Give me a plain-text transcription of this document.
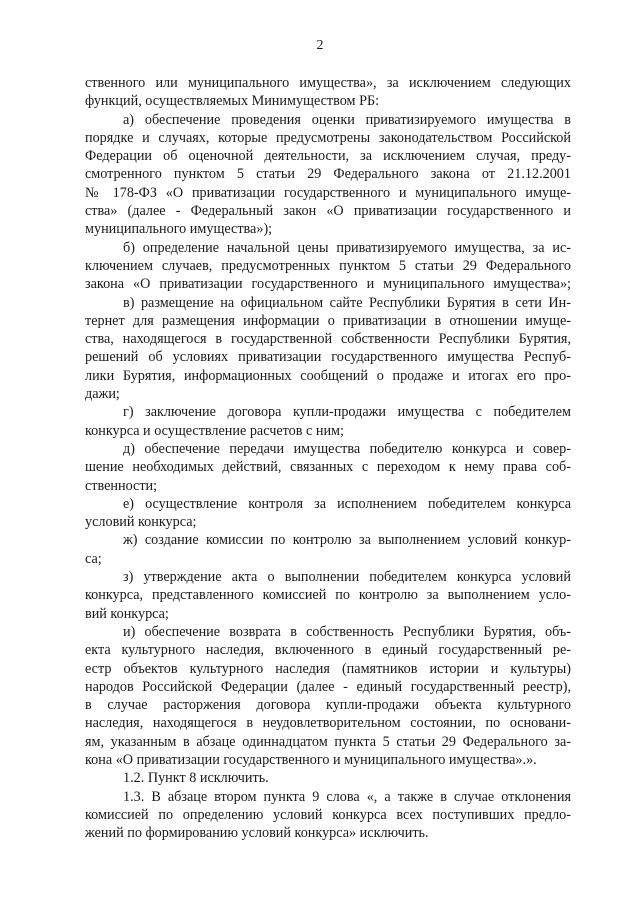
2
ственного или муниципального имущества», за исключением следующих
функций, осуществляемых Минимуществом РБ:
а) обеспечение проведения оценки приватизируемого имущества в
порядке и случаях, которые предусмотрены законодательством Российской
Федерации об оценочной деятельности, за исключением случая, преду-
смотренного пунктом 5 статьи 29 Федерального закона от 21.12.2001
№ 178-ФЗ «О приватизации государственного и муниципального имуще-
ства» (далее - Федеральный закон «О приватизации государственного и
муниципального имущества»);
б) определение начальной цены приватизируемого имущества, за ис-
ключением случаев, предусмотренных пунктом 5 статьи 29 Федерального
закона «О приватизации государственного и муниципального имущества»;
в) размещение на официальном сайте Республики Бурятия в сети Ин-
тернет для размещения информации о приватизации в отношении имуще-
ства, находящегося в государственной собственности Республики Бурятия,
решений об условиях приватизации государственного имущества Респуб-
лики Бурятия, информационных сообщений о продаже и итогах его про-
дажи;
г) заключение договора купли-продажи имущества с победителем
конкурса и осуществление расчетов с ним;
д) обеспечение передачи имущества победителю конкурса и совер-
шение необходимых действий, связанных с переходом к нему права соб-
ственности;
е) осуществление контроля за исполнением победителем конкурса
условий конкурса;
ж) создание комиссии по контролю за выполнением условий конкур-
са;
з) утверждение акта о выполнении победителем конкурса условий
конкурса, представленного комиссией по контролю за выполнением усло-
вий конкурса;
и) обеспечение возврата в собственность Республики Бурятия, объ-
екта культурного наследия, включенного в единый государственный ре-
естр объектов культурного наследия (памятников истории и культуры)
народов Российской Федерации (далее - единый государственный реестр),
в случае расторжения договора купли-продажи объекта культурного
наследия, находящегося в неудовлетворительном состоянии, по основани-
ям, указанным в абзаце одиннадцатом пункта 5 статьи 29 Федерального за-
кона «О приватизации государственного и муниципального имущества».».
1.2. Пункт 8 исключить.
1.3. В абзаце втором пункта 9 слова «, а также в случае отклонения
комиссией по определению условий конкурса всех поступивших предло-
жений по формированию условий конкурса» исключить.
